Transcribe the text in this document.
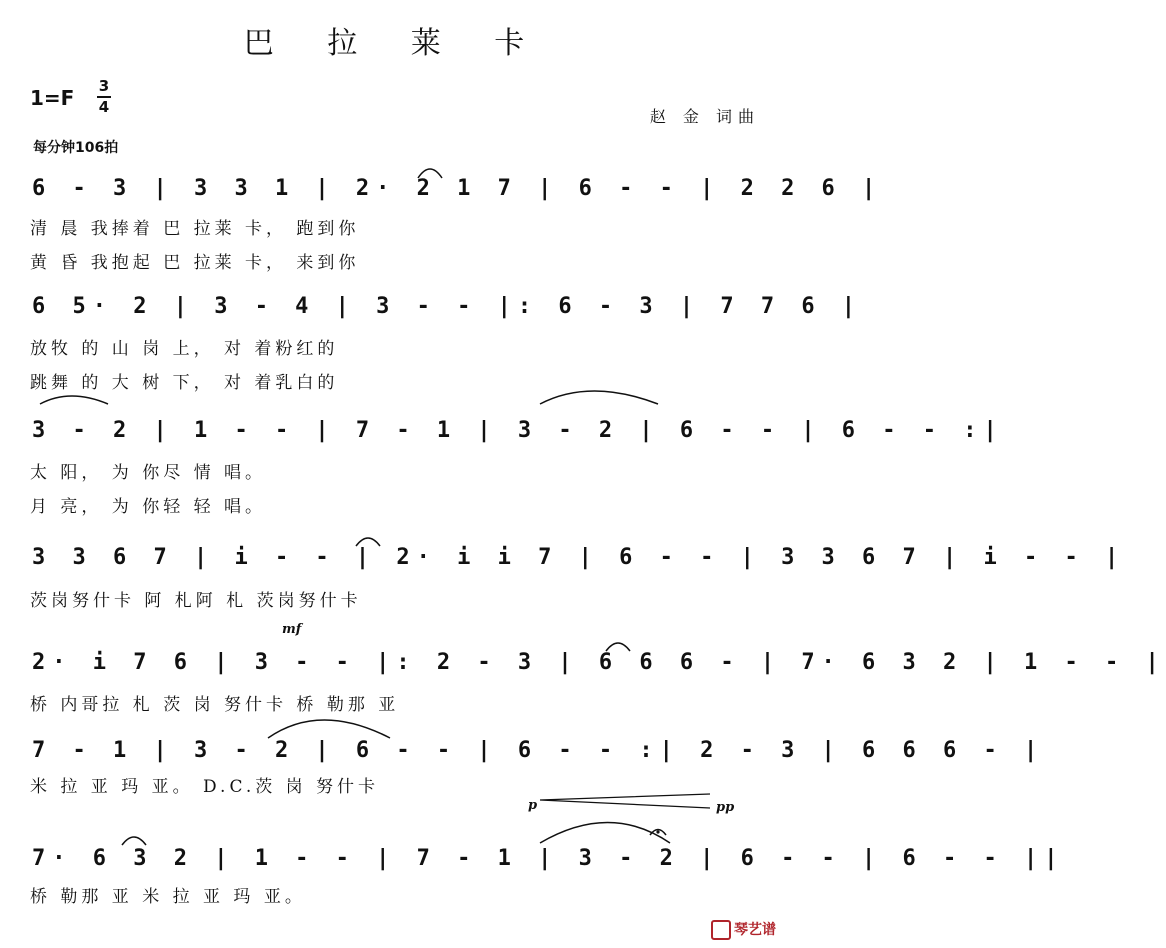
巴 拉 莱 卡
1=F 3
4	赵 金 词曲
每分钟106拍
6 - 3 | 3 3 1 | 2· 2 1 7 | 6 - - | 2 2 6 |
清 晨 我捧着 巴 拉莱 卡， 跑到你
黄 昏 我抱起 巴 拉莱 卡， 来到你
6 5· 2 | 3 - 4 | 3 - - |: 6 - 3 | 7 7 6 |
放牧 的 山 岗 上， 对 着粉红的
跳舞 的 大 树 下， 对 着乳白的
3 - 2 | 1 - - | 7 - 1 | 3 - 2 | 6 - - | 6 - - :|
太 阳， 为 你尽 情 唱。
月 亮， 为 你轻 轻 唱。
3 3 6 7 | i - - | 2· i i 7 | 6 - - | 3 3 6 7 | i - - |
茨岗努什卡 阿 札阿 札 茨岗努什卡
mf
2· i 7 6 | 3 - - |: 2 - 3 | 6 6 6 - | 7· 6 3 2 | 1 - - |
桥 内哥拉 札 茨 岗 努什卡 桥 勒那 亚
7 - 1 | 3 - 2 | 6 - - | 6 - - :| 2 - 3 | 6 6 6 - |
米 拉 亚 玛 亚。 D.C.茨 岗 努什卡
p	pp
7· 6 3 2 | 1 - - | 7 - 1 | 3 - 2 | 6 - - | 6 - - ||
桥 勒那 亚 米 拉 亚 玛 亚。
琴艺谱
